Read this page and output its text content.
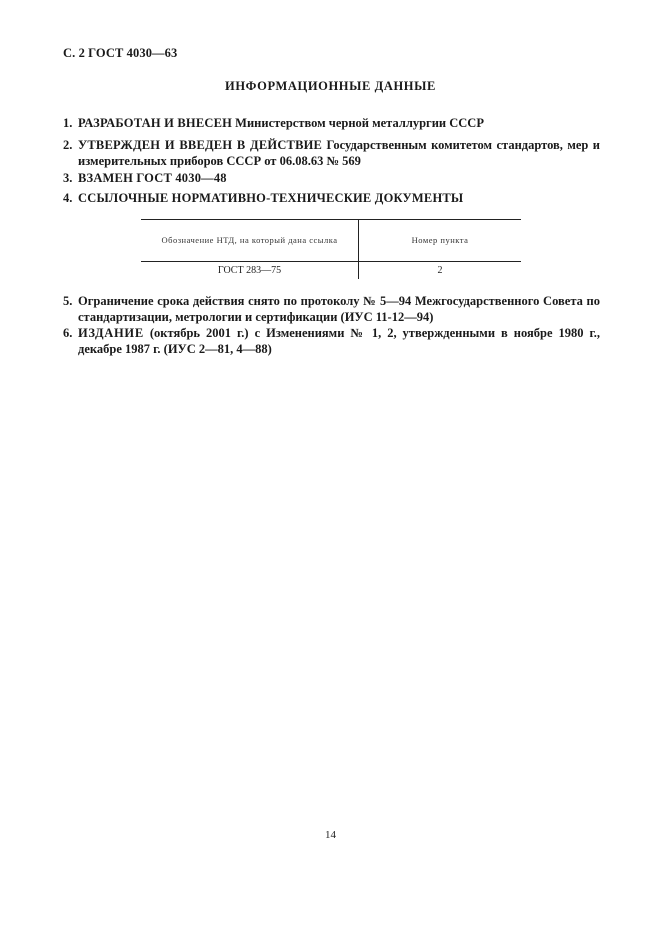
С. 2 ГОСТ 4030—63
ИНФОРМАЦИОННЫЕ ДАННЫЕ
1. РАЗРАБОТАН И ВНЕСЕН Министерством черной металлургии СССР
2. УТВЕРЖДЕН И ВВЕДЕН В ДЕЙСТВИЕ Государственным комитетом стандартов, мер и измерительных приборов СССР от 06.08.63 № 569
3. ВЗАМЕН ГОСТ 4030—48
4. ССЫЛОЧНЫЕ НОРМАТИВНО-ТЕХНИЧЕСКИЕ ДОКУМЕНТЫ
Обозначение НТД, на который дана ссылка	Номер пункта
ГОСТ 283—75	2
5. Ограничение срока действия снято по протоколу № 5—94 Межгосударственного Совета по стандартизации, метрологии и сертификации (ИУС 11-12—94)
6. ИЗДАНИЕ (октябрь 2001 г.) с Изменениями № 1, 2, утвержденными в ноябре 1980 г., декабре 1987 г. (ИУС 2—81, 4—88)
14
